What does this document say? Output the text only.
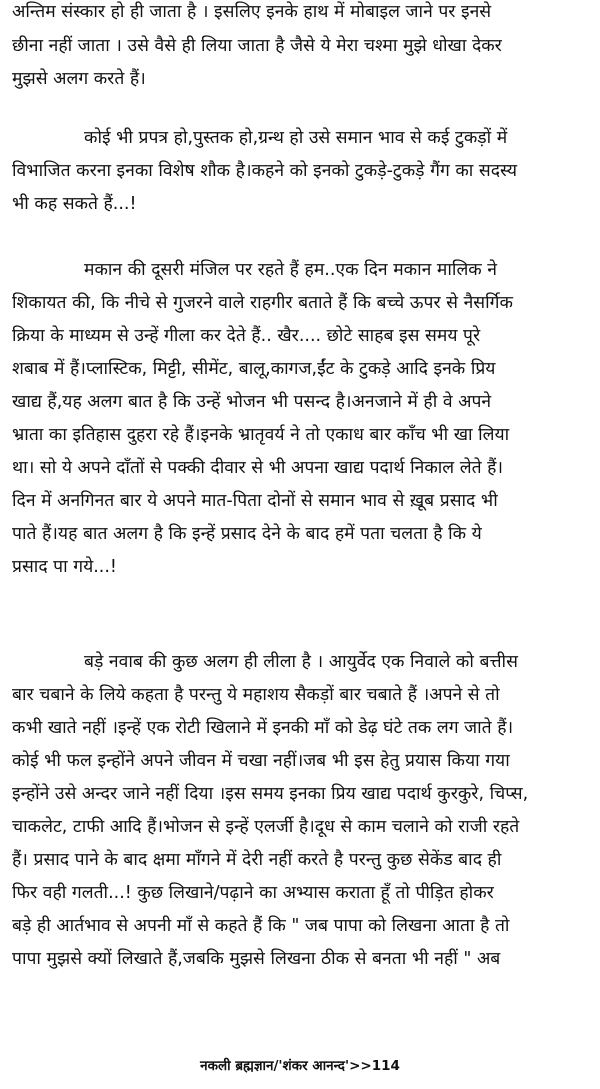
अन्तिम संस्कार हो ही जाता है । इसलिए इनके हाथ में मोबाइल जाने पर इनसे
छीना नहीं जाता । उसे वैसे ही लिया जाता है जैसे ये मेरा चश्मा मुझे धोखा देकर
मुझसे अलग करते हैं।
कोई भी प्रपत्र हो,पुस्तक हो,ग्रन्थ हो उसे समान भाव से कई टुकड़ों में
विभाजित करना इनका विशेष शौक है।कहने को इनको टुकड़े-टुकड़े गैंग का सदस्य
भी कह सकते हैं...!
मकान की दूसरी मंजिल पर रहते हैं हम..एक दिन मकान मालिक ने
शिकायत की, कि नीचे से गुजरने वाले राहगीर बताते हैं कि बच्चे ऊपर से नैसर्गिक
क्रिया के माध्यम से उन्हें गीला कर देते हैं.. खैर.... छोटे साहब इस समय पूरे
शबाब में हैं।प्लास्टिक, मिट्टी, सीमेंट, बालू,कागज,ईंट के टुकड़े आदि इनके प्रिय
खाद्य हैं,यह अलग बात है कि उन्हें भोजन भी पसन्द है।अनजाने में ही वे अपने
भ्राता का इतिहास दुहरा रहे हैं।इनके भ्रातृवर्य ने तो एकाध बार काँच भी खा लिया
था। सो ये अपने दाँतों से पक्की दीवार से भी अपना खाद्य पदार्थ निकाल लेते हैं।
दिन में अनगिनत बार ये अपने मात-पिता दोनों से समान भाव से ख़ूब प्रसाद भी
पाते हैं।यह बात अलग है कि इन्हें प्रसाद देने के बाद हमें पता चलता है कि ये
प्रसाद पा गये...!
बड़े नवाब की कुछ अलग ही लीला है । आयुर्वेद एक निवाले को बत्तीस
बार चबाने के लिये कहता है परन्तु ये महाशय सैकड़ों बार चबाते हैं ।अपने से तो
कभी खाते नहीं ।इन्हें एक रोटी खिलाने में इनकी माँ को डेढ़ घंटे तक लग जाते हैं।
कोई भी फल इन्होंने अपने जीवन में चखा नहीं।जब भी इस हेतु प्रयास किया गया
इन्होंने उसे अन्दर जाने नहीं दिया ।इस समय इनका प्रिय खाद्य पदार्थ कुरकुरे, चिप्स,
चाकलेट, टाफी आदि हैं।भोजन से इन्हें एलर्जी है।दूध से काम चलाने को राजी रहते
हैं। प्रसाद पाने के बाद क्षमा माँगने में देरी नहीं करते है परन्तु कुछ सेकेंड बाद ही
फिर वही गलती...! कुछ लिखाने/पढ़ाने का अभ्यास कराता हूँ तो पीड़ित होकर
बड़े ही आर्तभाव से अपनी माँ से कहते हैं कि " जब पापा को लिखना आता है तो
पापा मुझसे क्यों लिखाते हैं,जबकि मुझसे लिखना ठीक से बनता भी नहीं " अब
नकली ब्रह्मज्ञान/'शंकर आनन्द'>>114
